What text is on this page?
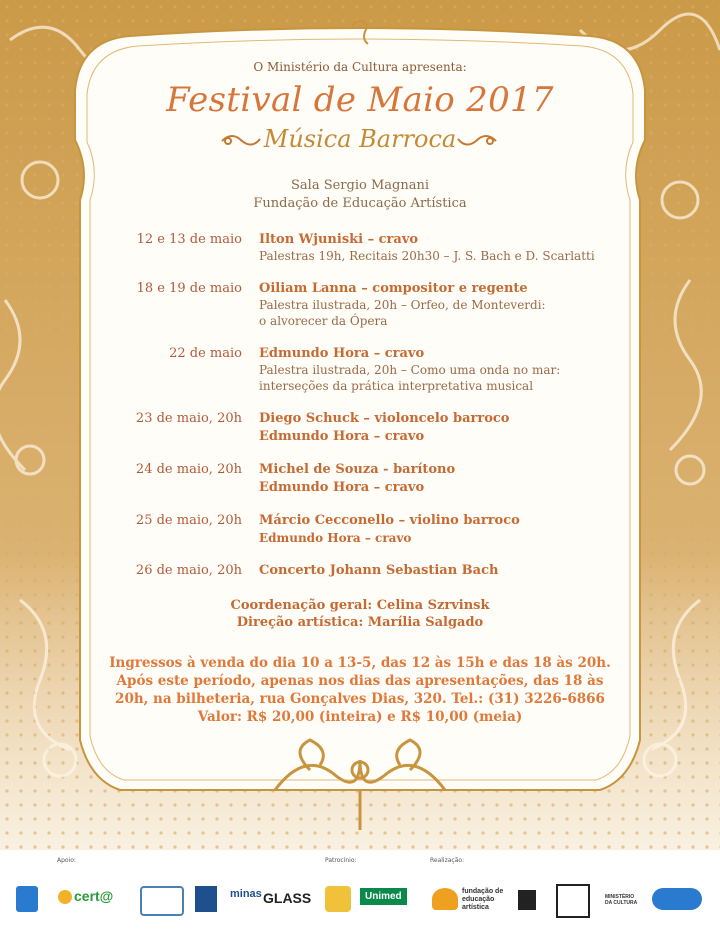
O Ministério da Cultura apresenta:
Festival de Maio 2017
Música Barroca
Sala Sergio Magnani
Fundação de Educação Artística
12 e 13 de maio Ilton Wjuniski – cravo
Palestras 19h, Recitais 20h30 – J. S. Bach e D. Scarlatti
18 e 19 de maio Oiliam Lanna – compositor e regente
Palestra ilustrada, 20h – Orfeo, de Monteverdi:
o alvorecer da Ópera
22 de maio Edmundo Hora – cravo
Palestra ilustrada, 20h – Como uma onda no mar:
interseções da prática interpretativa musical
23 de maio, 20h Diego Schuck – violoncelo barroco
Edmundo Hora – cravo
24 de maio, 20h Michel de Souza - barítono
Edmundo Hora – cravo
25 de maio, 20h Márcio Cecconello – violino barroco
Edmundo Hora – cravo
26 de maio, 20h Concerto Johann Sebastian Bach
Coordenação geral: Celina Szrvinsk
Direção artística: Marília Salgado
Ingressos à venda do dia 10 a 13-5, das 12 às 15h e das 18 às 20h.
Após este período, apenas nos dias das apresentações, das 18 às
20h, na bilheteria, rua Gonçalves Dias, 320. Tel.: (31) 3226-6866
Valor: R$ 20,00 (inteira) e R$ 10,00 (meia)
Apoio:	Patrocínio:	Realização:
cert@	minas GLASS	Unimed	fundação de educação artística
MINISTÉRIO DA CULTURA
